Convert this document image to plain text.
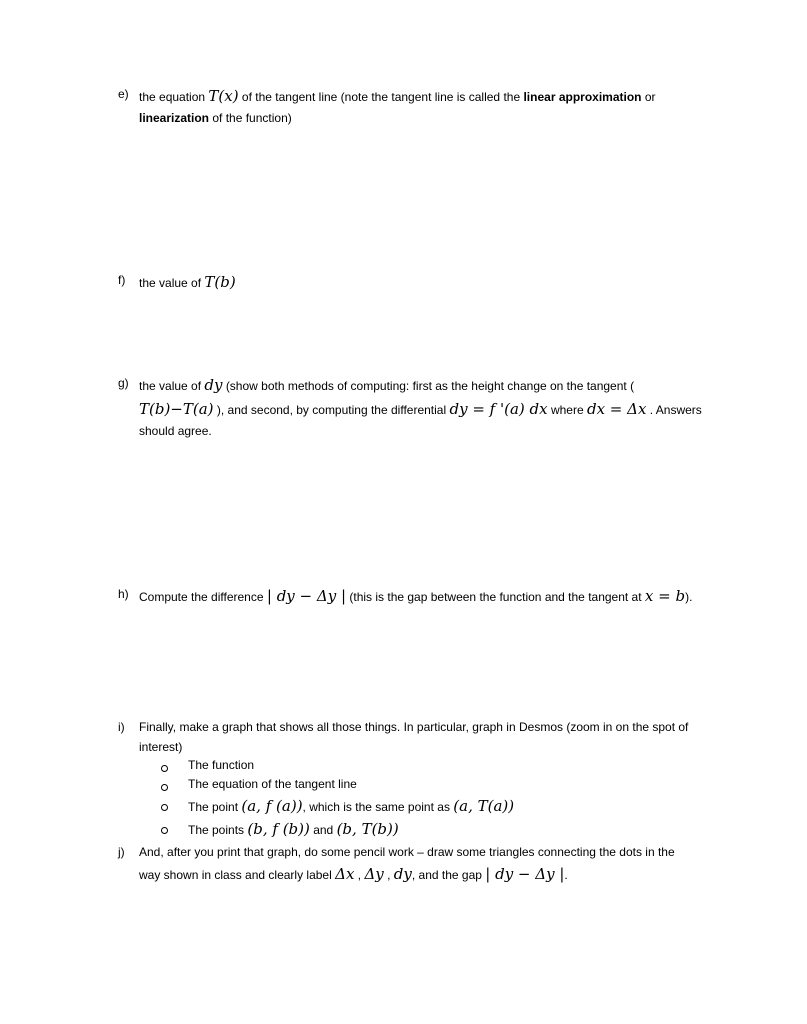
e) the equation T(x) of the tangent line (note the tangent line is called the linear approximation or
linearization of the function)
f)	the value of T(b)
g) the value of dy (show both methods of computing: first as the height change on the tangent (
T(b)−T(a) ), and second, by computing the differential dy = f '(a) dx where dx = Δx . Answers
should agree.
h) Compute the difference | dy − Δy | (this is the gap between the function and the tangent at x = b).
i)	Finally, make a graph that shows all those things. In particular, graph in Desmos (zoom in on the spot of
interest)
The function
The equation of the tangent line
The point (a, f (a)), which is the same point as (a, T(a))
The points (b, f (b)) and (b, T(b))
j)	And, after you print that graph, do some pencil work – draw some triangles connecting the dots in the
way shown in class and clearly label Δx , Δy , dy, and the gap | dy − Δy |.
